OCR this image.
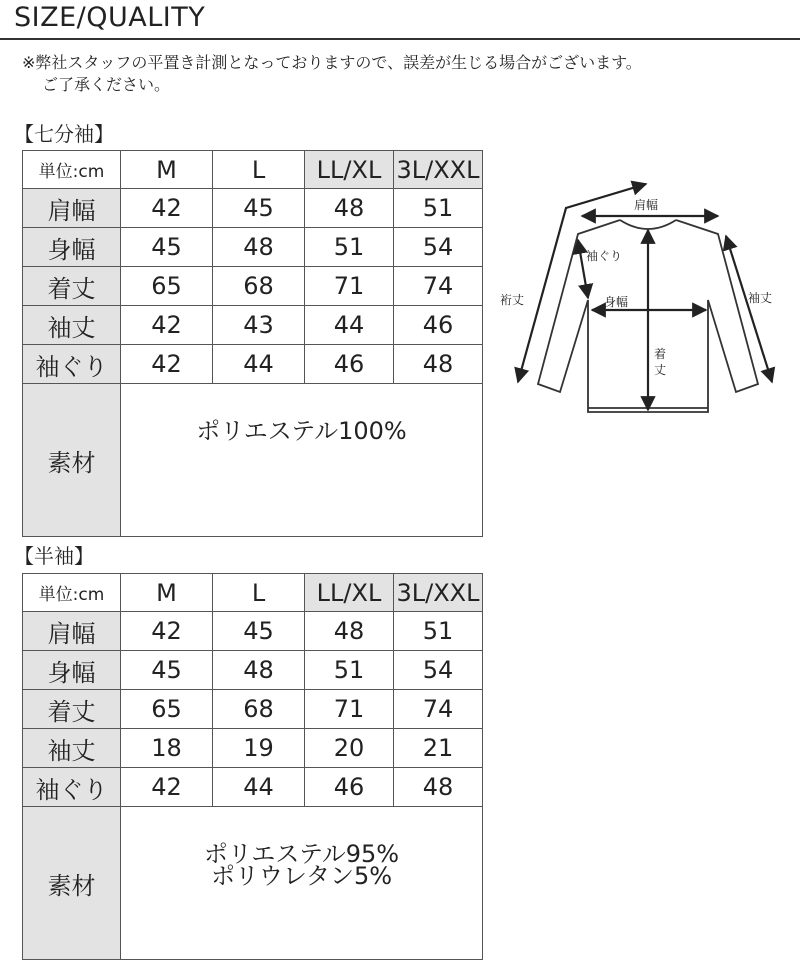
SIZE/QUALITY
※弊社スタッフの平置き計測となっておりますので、誤差が生じる場合がございます。
ご了承ください。
【七分袖】
単位:cm	M	L	LL/XL	3L/XXL
肩幅	42	45	48	51
身幅	45	48	51	54
着丈	65	68	71	74
袖丈	42	43	44	46
袖ぐり	42	44	46	48
素材	ポリエステル100%			
【半袖】
単位:cm	M	L	LL/XL	3L/XXL
肩幅	42	45	48	51
身幅	45	48	51	54
着丈	65	68	71	74
袖丈	18	19	20	21
袖ぐり	42	44	46	48
素材	ポリエステル95%
ポリウレタン5%			
肩幅
袖ぐり
身幅
裄丈	袖丈
着
丈
